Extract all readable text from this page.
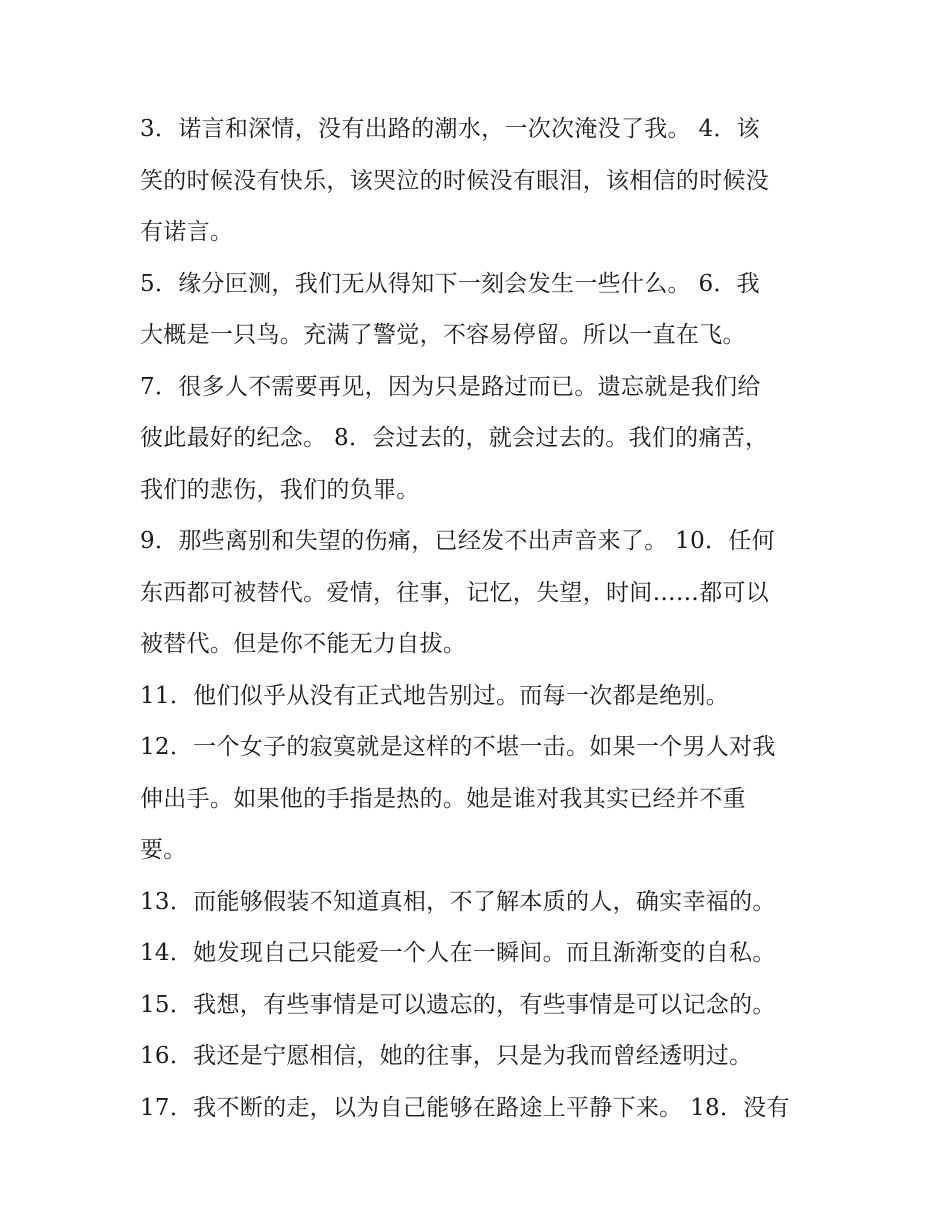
3．诺言和深情，没有出路的潮水，一次次淹没了我。 4．该
笑的时候没有快乐，该哭泣的时候没有眼泪，该相信的时候没
有诺言。
5．缘分叵测，我们无从得知下一刻会发生一些什么。 6．我
大概是一只鸟。充满了警觉，不容易停留。所以一直在飞。
7．很多人不需要再见，因为只是路过而已。遗忘就是我们给
彼此最好的纪念。 8．会过去的，就会过去的。我们的痛苦，
我们的悲伤，我们的负罪。
9．那些离别和失望的伤痛，已经发不出声音来了。 10．任何
东西都可被替代。爱情，往事，记忆，失望，时间……都可以
被替代。但是你不能无力自拔。
11．他们似乎从没有正式地告别过。而每一次都是绝别。
12．一个女子的寂寞就是这样的不堪一击。如果一个男人对我
伸出手。如果他的手指是热的。她是谁对我其实已经并不重
要。
13．而能够假装不知道真相，不了解本质的人，确实幸福的。
14．她发现自己只能爱一个人在一瞬间。而且渐渐变的自私。
15．我想，有些事情是可以遗忘的，有些事情是可以记念的。
16．我还是宁愿相信，她的往事，只是为我而曾经透明过。
17．我不断的走，以为自己能够在路途上平静下来。 18．没有
